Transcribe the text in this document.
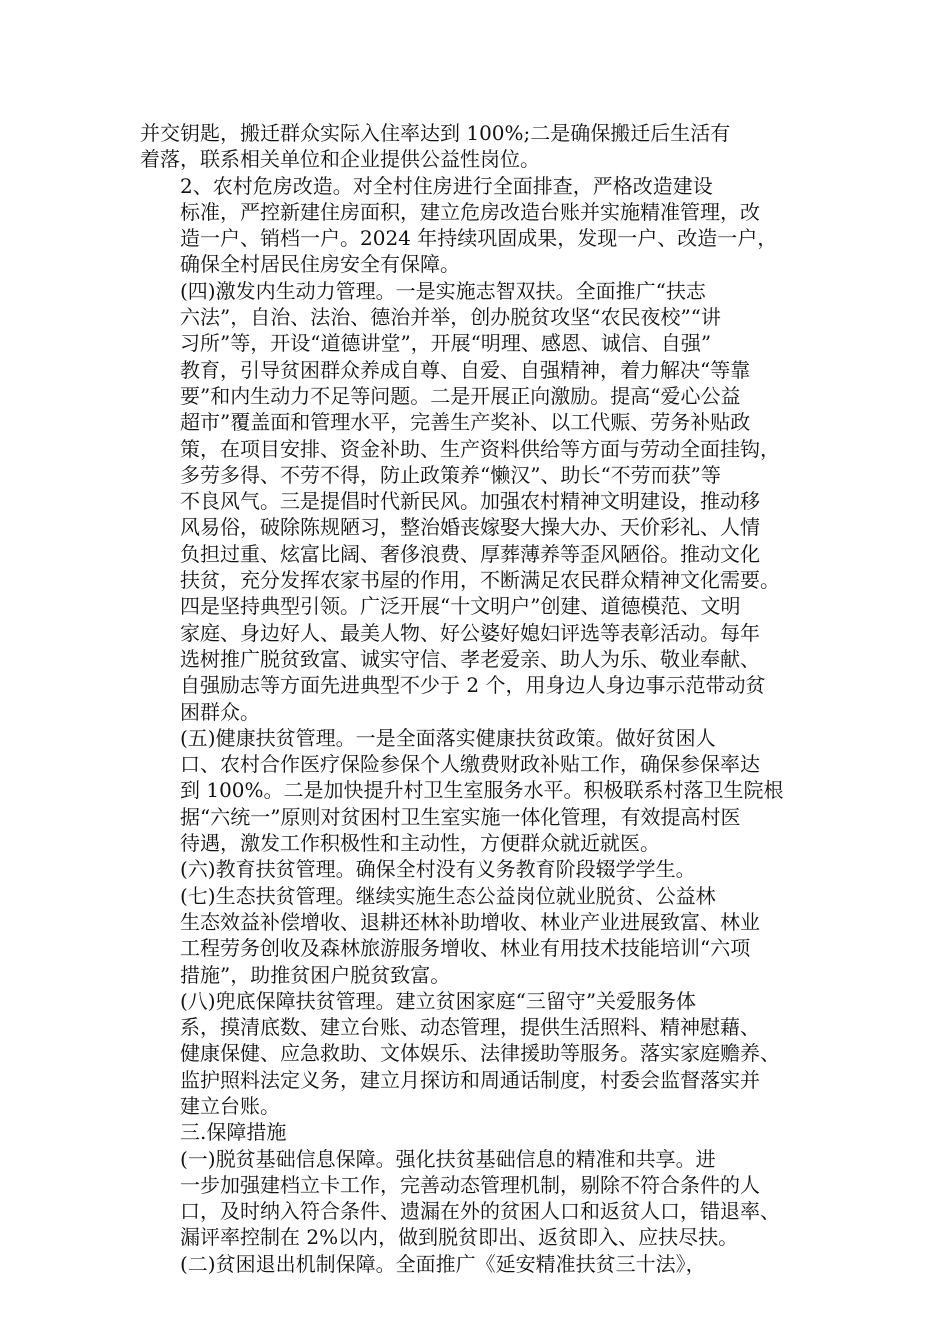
并交钥匙，搬迁群众实际入住率达到 100%;二是确保搬迁后生活有
着落，联系相关单位和企业提供公益性岗位。
2、农村危房改造。对全村住房进行全面排查，严格改造建设
标准，严控新建住房面积，建立危房改造台账并实施精准管理，改
造一户、销档一户。2024 年持续巩固成果，发现一户、改造一户，
确保全村居民住房安全有保障。
(四)激发内生动力管理。一是实施志智双扶。全面推广“扶志
六法”，自治、法治、德治并举，创办脱贫攻坚“农民夜校”“讲
习所”等，开设“道德讲堂”，开展“明理、感恩、诚信、自强”
教育，引导贫困群众养成自尊、自爱、自强精神，着力解决“等靠
要”和内生动力不足等问题。二是开展正向激励。提高“爱心公益
超市”覆盖面和管理水平，完善生产奖补、以工代赈、劳务补贴政
策，在项目安排、资金补助、生产资料供给等方面与劳动全面挂钩，
多劳多得、不劳不得，防止政策养“懒汉”、助长“不劳而获”等
不良风气。三是提倡时代新民风。加强农村精神文明建设，推动移
风易俗，破除陈规陋习，整治婚丧嫁娶大操大办、天价彩礼、人情
负担过重、炫富比阔、奢侈浪费、厚葬薄养等歪风陋俗。推动文化
扶贫，充分发挥农家书屋的作用，不断满足农民群众精神文化需要。
四是坚持典型引领。广泛开展“十文明户”创建、道德模范、文明
家庭、身边好人、最美人物、好公婆好媳妇评选等表彰活动。每年
选树推广脱贫致富、诚实守信、孝老爱亲、助人为乐、敬业奉献、
自强励志等方面先进典型不少于 2 个，用身边人身边事示范带动贫
困群众。
(五)健康扶贫管理。一是全面落实健康扶贫政策。做好贫困人
口、农村合作医疗保险参保个人缴费财政补贴工作，确保参保率达
到 100%。二是加快提升村卫生室服务水平。积极联系村落卫生院根
据“六统一”原则对贫困村卫生室实施一体化管理，有效提高村医
待遇，激发工作积极性和主动性，方便群众就近就医。
(六)教育扶贫管理。确保全村没有义务教育阶段辍学学生。
(七)生态扶贫管理。继续实施生态公益岗位就业脱贫、公益林
生态效益补偿增收、退耕还林补助增收、林业产业进展致富、林业
工程劳务创收及森林旅游服务增收、林业有用技术技能培训“六项
措施”，助推贫困户脱贫致富。
(八)兜底保障扶贫管理。建立贫困家庭“三留守”关爱服务体
系，摸清底数、建立台账、动态管理，提供生活照料、精神慰藉、
健康保健、应急救助、文体娱乐、法律援助等服务。落实家庭赡养、
监护照料法定义务，建立月探访和周通话制度，村委会监督落实并
建立台账。
三.保障措施
(一)脱贫基础信息保障。强化扶贫基础信息的精准和共享。进
一步加强建档立卡工作，完善动态管理机制，剔除不符合条件的人
口，及时纳入符合条件、遗漏在外的贫困人口和返贫人口，错退率、
漏评率控制在 2%以内，做到脱贫即出、返贫即入、应扶尽扶。
(二)贫困退出机制保障。全面推广《延安精准扶贫三十法》，
